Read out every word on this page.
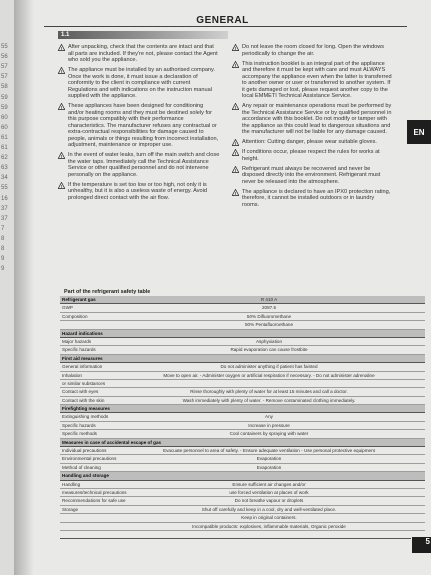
55
56
57
57
58
59
59
60
60
61
61
62
63
34
55
16
37
37
7
8
8
9
9
GENERAL
1.1
! After unpacking, check that the contents are intact and that all parts are included. If they're not, please contact the Agent who sold you the appliance.
! The appliance must be installed by an authorised company. Once the work is done, it must issue a declaration of conformity to the client in compliance with current Regulations and with indications on the instruction manual supplied with the appliance.
! These appliances have been designed for conditioning and/or heating rooms and they must be destined solely for this purpose compatibly with their performance characteristics. The manufacturer refuses any contractual or extra-contractual responsibilities for damage caused to people, animals or things resulting from incorrect installation, adjustment, maintenance or improper use.
! In the event of water leaks, turn off the main switch and close the water taps. Immediately call the Technical Assistance Service or other qualified personnel and do not intervene personally on the appliance.
! If the temperature is set too low or too high, not only it is unhealthy, but it is also a useless waste of energy. Avoid prolonged direct contact with the air flow.
! Do not leave the room closed for long. Open the windows periodically to change the air.
! This instruction booklet is an integral part of the appliance and therefore it must be kept with care and must ALWAYS accompany the appliance even when the latter is transferred to another owner or user or transferred to another system. If it gets damaged or lost, please request another copy to the local EMMETI Technical Assistance Service.
! Any repair or maintenance operations must be performed by the Technical Assistance Service or by qualified personnel in accordance with this booklet. Do not modify or tamper with the appliance as this could lead to dangerous situations and the manufacturer will not be liable for any damage caused.
! Attention: Cutting danger, please wear suitable gloves.
! If conditions occur, please respect the rules for works at height.
! Refrigerant must always be recovered and never be disposed directly into the environment. Refrigerant must never be released into the atmosphere.
! The appliance is declared to have an IPX0 protection rating, therefore, it cannot be installed outdoors or in laundry rooms.
EN
Part of the refrigerant safety table
Refrigerant gas	R 410 A
GWP	2087.5
Composition	50% Difluoromethane
50% Pentafluoroethane
Hazard indications
Major hazards	Asphyxiation
Specific hazards	Rapid evaporation can cause frostbite
First aid measures
General information	Do not administer anything if patient has fainted
Inhalation	Move to open air. - Administer oxygen or artificial respiration if necessary. - Do not administer adrenaline
or similar substances
Contact with eyes	Rinse thoroughly with plenty of water for at least 15 minutes and call a doctor.
Contact with the skin	Wash immediately with plenty of water. - Remove contaminated clothing immediately.
Firefighting measures
Extinguishing methods	Any
Specific hazards	Increase in pressure
Specific methods	Cool containers by spraying with water
Measures in case of accidental escape of gas
Individual precautions	Evacuate personnel to area of safety. - Ensure adequate ventilation - Use personal protective equipment
Environmental precautions	Evaporation
Method of cleaning	Evaporation
Handling and storage
Handling	Ensure sufficient air changes and/or
measures/technical precautions	use forced ventilation at places of work
Recommendations for safe use	Do not breathe vapour or droplets
Storage	Shut off carefully and keep in a cool, dry and well-ventilated place.
Keep in original containers.
Incompatible products: explosives, inflammable materials, Organic peroxide
5
